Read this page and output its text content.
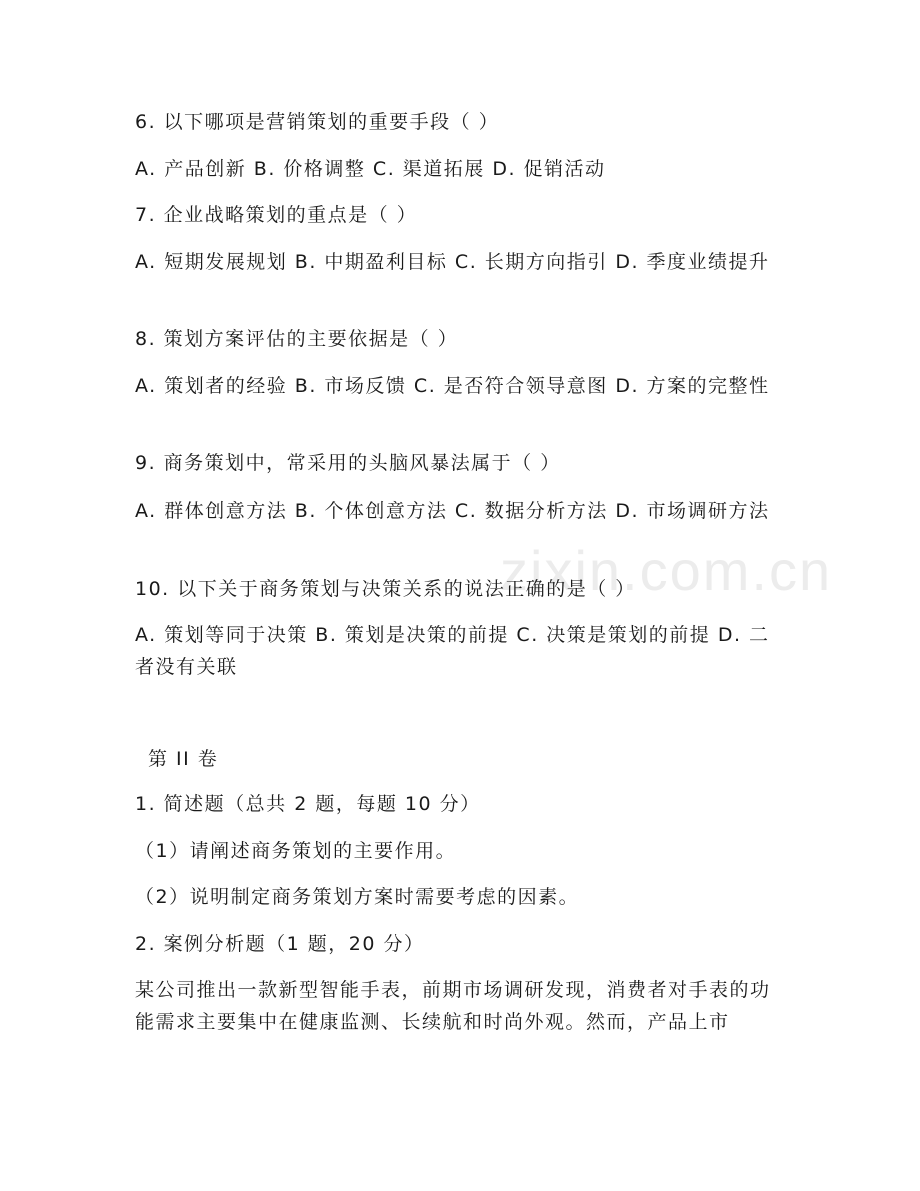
zixin.com.cn
6. 以下哪项是营销策划的重要手段（ ）
A. 产品创新 B. 价格调整 C. 渠道拓展 D. 促销活动
7. 企业战略策划的重点是（ ）
A. 短期发展规划 B. 中期盈利目标 C. 长期方向指引 D. 季度业绩提升
8. 策划方案评估的主要依据是（ ）
A. 策划者的经验 B. 市场反馈 C. 是否符合领导意图 D. 方案的完整性
9. 商务策划中，常采用的头脑风暴法属于（ ）
A. 群体创意方法 B. 个体创意方法 C. 数据分析方法 D. 市场调研方法
10. 以下关于商务策划与决策关系的说法正确的是（ ）
A. 策划等同于决策 B. 策划是决策的前提 C. 决策是策划的前提 D. 二者没有关联
第 II 卷
1. 简述题（总共 2 题，每题 10 分）
（1）请阐述商务策划的主要作用。
（2）说明制定商务策划方案时需要考虑的因素。
2. 案例分析题（1 题，20 分）
某公司推出一款新型智能手表，前期市场调研发现，消费者对手表的功能需求主要集中在健康监测、长续航和时尚外观。然而，产品上市
